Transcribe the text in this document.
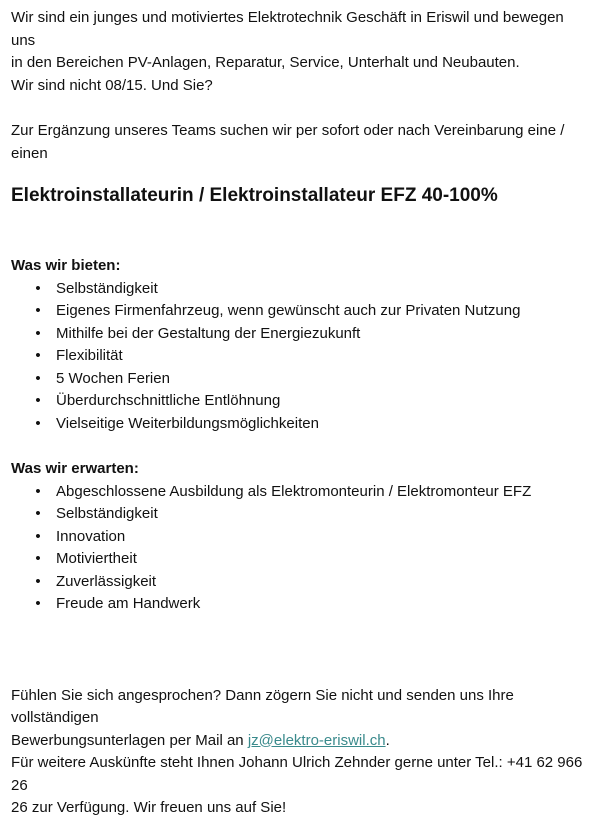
Wir sind ein junges und motiviertes Elektrotechnik Geschäft in Eriswil und bewegen uns

in den Bereichen PV-Anlagen, Reparatur, Service, Unterhalt und Neubauten.

Wir sind nicht 08/15. Und Sie?

Zur Ergänzung unseres Teams suchen wir per sofort oder nach Vereinbarung eine / einen

Elektroinstallateurin / Elektroinstallateur EFZ 40-100%

Was wir bieten:

• Selbständigkeit
• Eigenes Firmenfahrzeug, wenn gewünscht auch zur Privaten Nutzung
• Mithilfe bei der Gestaltung der Energiezukunft
• Flexibilität
• 5 Wochen Ferien
• Überdurchschnittliche Entlöhnung
• Vielseitige Weiterbildungsmöglichkeiten

Was wir erwarten:

• Abgeschlossene Ausbildung als Elektromonteurin / Elektromonteur EFZ
• Selbständigkeit
• Innovation
• Motiviertheit
• Zuverlässigkeit
• Freude am Handwerk

Fühlen Sie sich angesprochen? Dann zögern Sie nicht und senden uns Ihre vollständigen

Bewerbungsunterlagen per Mail an jz@elektro-eriswil.ch.

Für weitere Auskünfte steht Ihnen Johann Ulrich Zehnder gerne unter Tel.: +41 62 966 26

26 zur Verfügung. Wir freuen uns auf Sie!
